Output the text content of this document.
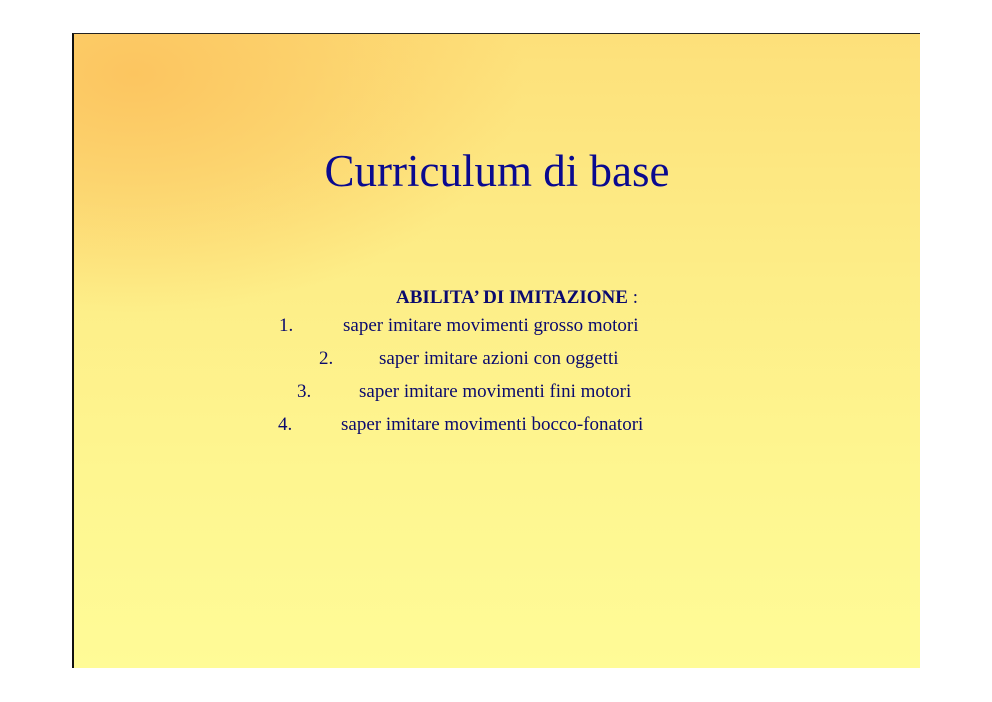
Curriculum di base
ABILITA’ DI IMITAZIONE :
1.	saper imitare movimenti grosso motori
2. saper imitare azioni con oggetti
3.	saper imitare movimenti fini motori
4.	saper imitare movimenti bocco-fonatori
